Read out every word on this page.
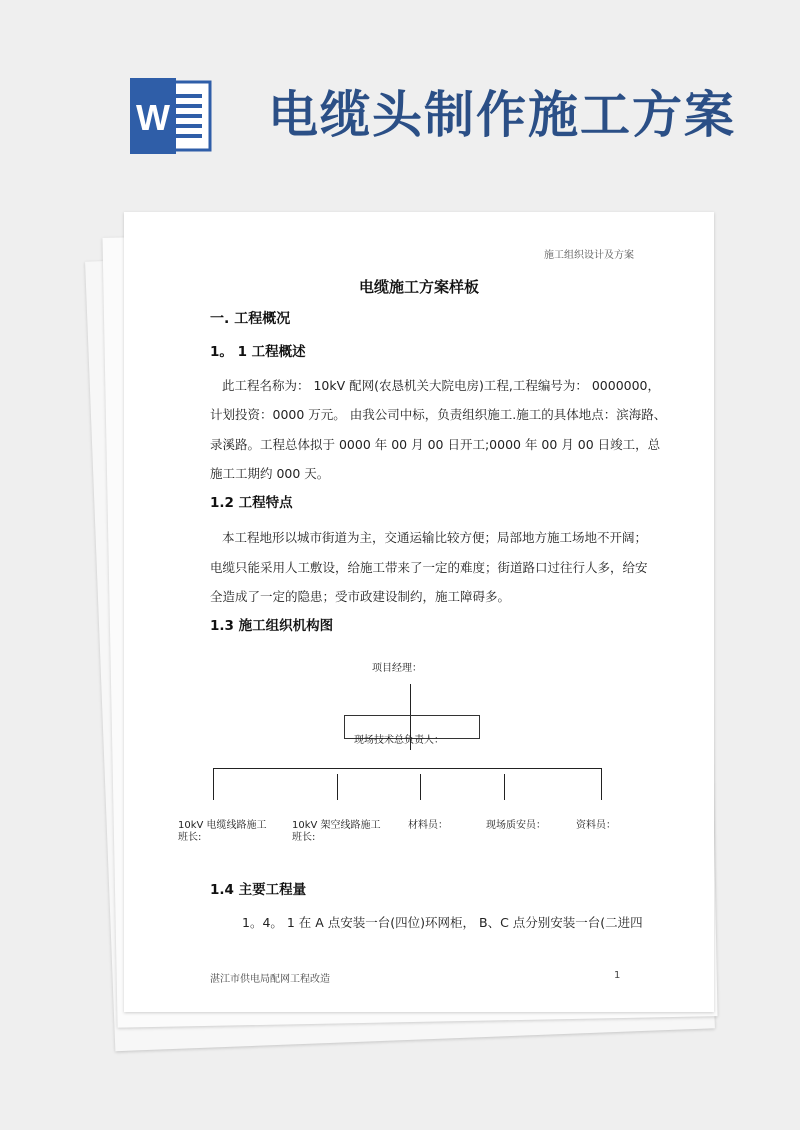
W 电缆头制作施工方案
施工组织设计及方案
电缆施工方案样板
一. 工程概况
1。 1 工程概述
此工程名称为： 10kV 配网(农恳机关大院电房)工程,工程编号为： 0000000，
计划投资：0000 万元。 由我公司中标，负责组织施工.施工的具体地点：滨海路、
录溪路。工程总体拟于 0000 年 00 月 00 日开工;0000 年 00 月 00 日竣工，总
施工工期约 000 天。
1.2 工程特点
本工程地形以城市街道为主，交通运输比较方便；局部地方施工场地不开阔；
电缆只能采用人工敷设，给施工带来了一定的难度；街道路口过往行人多，给安
全造成了一定的隐患；受市政建设制约，施工障碍多。
1.3 施工组织机构图
项目经理：
现场技术总负责人：
10kV 电缆线路施工
班长:
10kV 架空线路施工
班长:
材料员：	现场质安员：	资料员：
1.4 主要工程量
1。4。 1 在 A 点安装一台(四位)环网柜， B、C 点分别安装一台(二进四
湛江市供电局配网工程改造	1
